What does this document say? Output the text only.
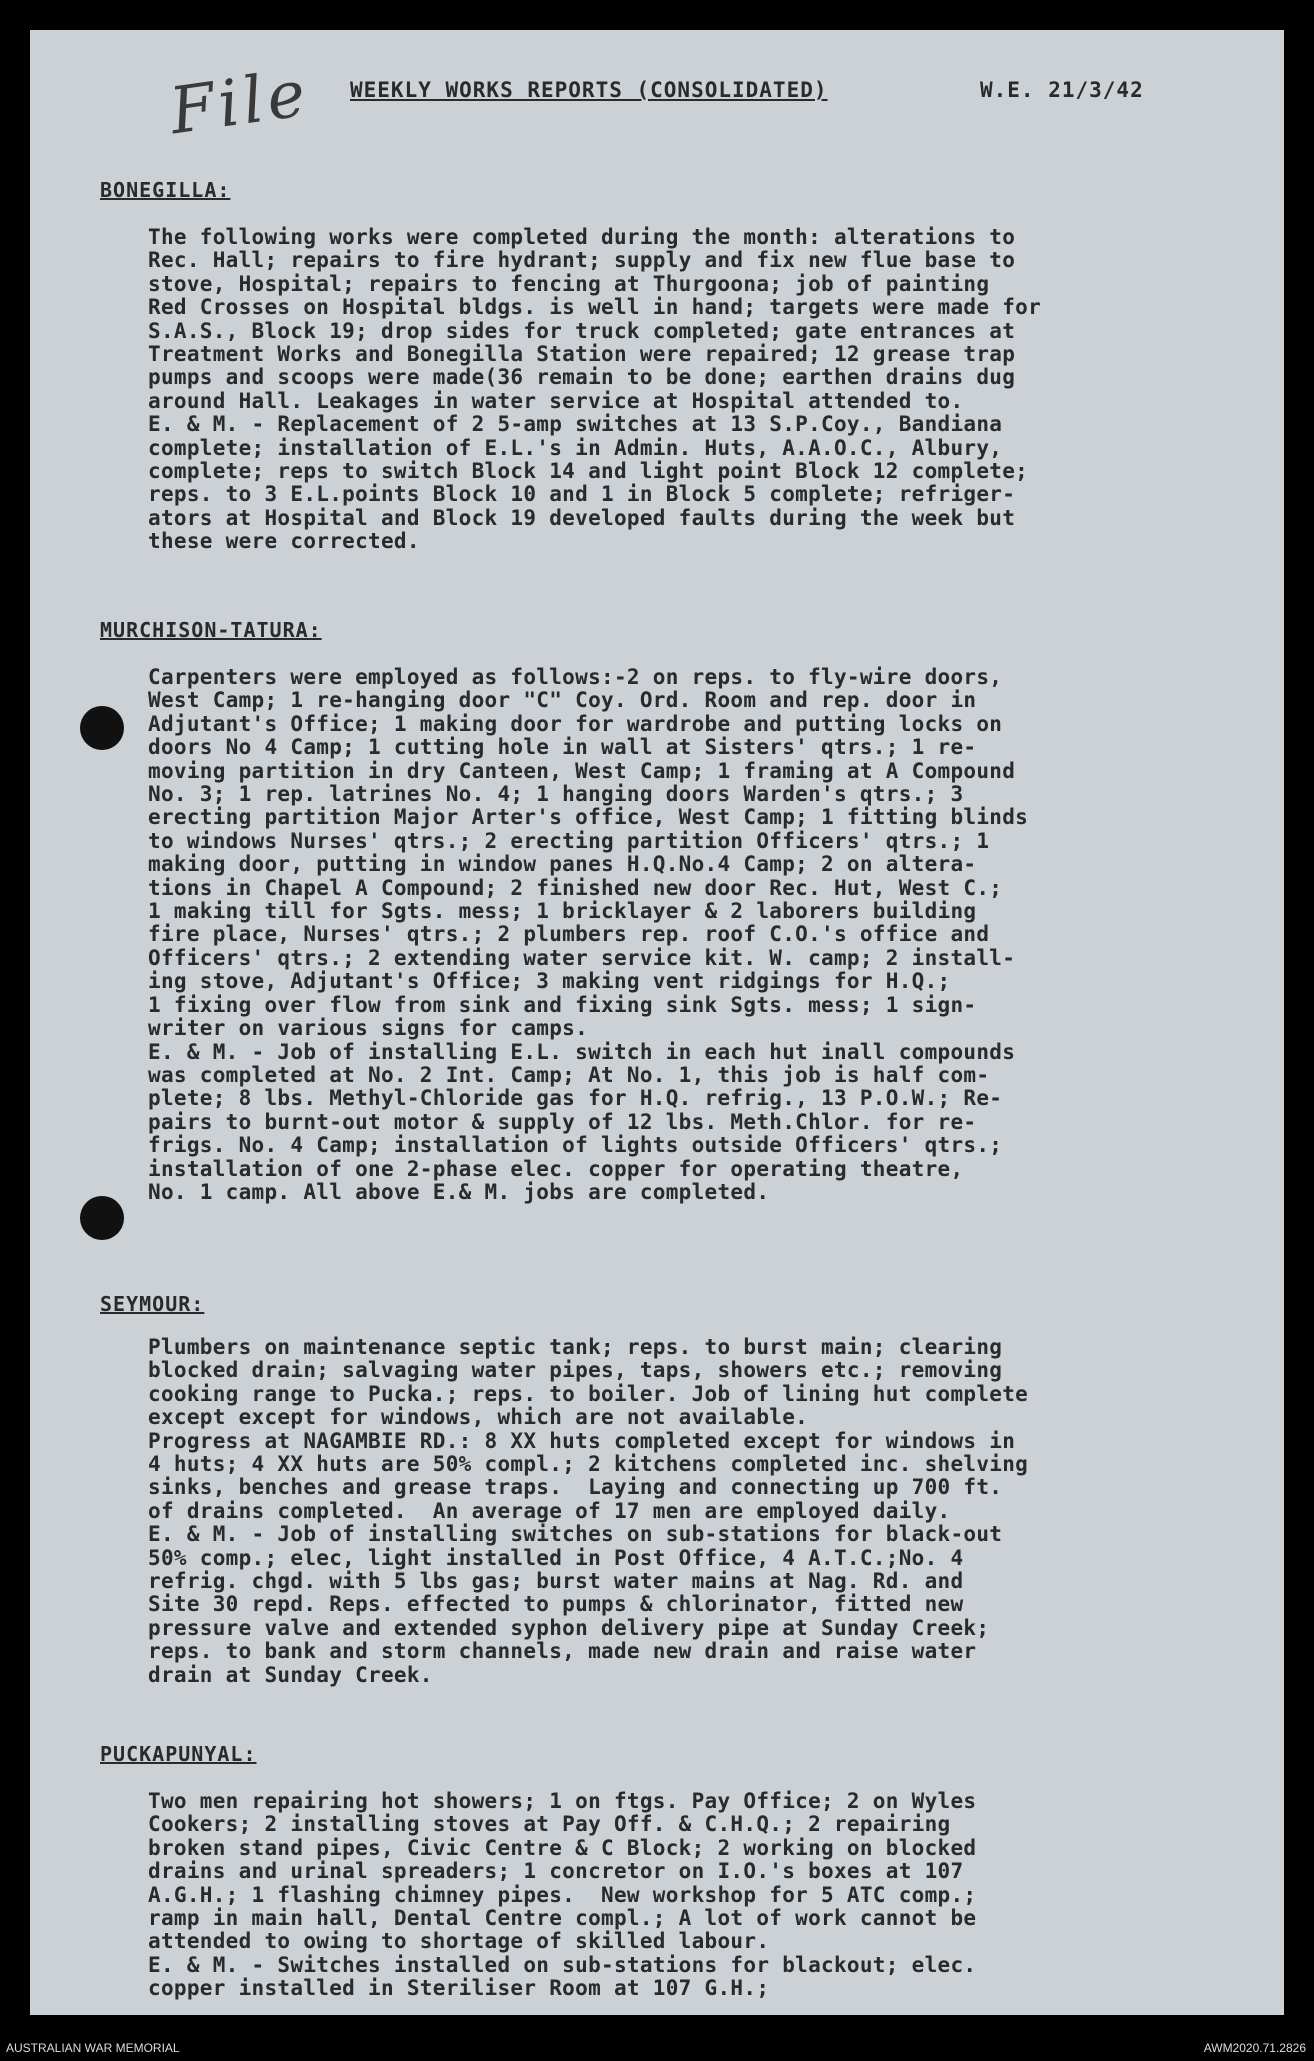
File WEEKLY WORKS REPORTS (CONSOLIDATED)	W.E. 21/3/42
BONEGILLA:
The following works were completed during the month: alterations to
Rec. Hall; repairs to fire hydrant; supply and fix new flue base to
stove, Hospital; repairs to fencing at Thurgoona; job of painting
Red Crosses on Hospital bldgs. is well in hand; targets were made for
S.A.S., Block 19; drop sides for truck completed; gate entrances at
Treatment Works and Bonegilla Station were repaired; 12 grease trap
pumps and scoops were made(36 remain to be done; earthen drains dug
around Hall. Leakages in water service at Hospital attended to.
E. & M. - Replacement of 2 5-amp switches at 13 S.P.Coy., Bandiana
complete; installation of E.L.'s in Admin. Huts, A.A.O.C., Albury,
complete; reps to switch Block 14 and light point Block 12 complete;
reps. to 3 E.L.points Block 10 and 1 in Block 5 complete; refriger-
ators at Hospital and Block 19 developed faults during the week but
these were corrected.
MURCHISON-TATURA:
Carpenters were employed as follows:-2 on reps. to fly-wire doors,
West Camp; 1 re-hanging door "C" Coy. Ord. Room and rep. door in
Adjutant's Office; 1 making door for wardrobe and putting locks on
doors No 4 Camp; 1 cutting hole in wall at Sisters' qtrs.; 1 re-
moving partition in dry Canteen, West Camp; 1 framing at A Compound
No. 3; 1 rep. latrines No. 4; 1 hanging doors Warden's qtrs.; 3
erecting partition Major Arter's office, West Camp; 1 fitting blinds
to windows Nurses' qtrs.; 2 erecting partition Officers' qtrs.; 1
making door, putting in window panes H.Q.No.4 Camp; 2 on altera-
tions in Chapel A Compound; 2 finished new door Rec. Hut, West C.;
1 making till for Sgts. mess; 1 bricklayer & 2 laborers building
fire place, Nurses' qtrs.; 2 plumbers rep. roof C.O.'s office and
Officers' qtrs.; 2 extending water service kit. W. camp; 2 install-
ing stove, Adjutant's Office; 3 making vent ridgings for H.Q.;
1 fixing over flow from sink and fixing sink Sgts. mess; 1 sign-
writer on various signs for camps.
E. & M. - Job of installing E.L. switch in each hut inall compounds
was completed at No. 2 Int. Camp; At No. 1, this job is half com-
plete; 8 lbs. Methyl-Chloride gas for H.Q. refrig., 13 P.O.W.; Re-
pairs to burnt-out motor & supply of 12 lbs. Meth.Chlor. for re-
frigs. No. 4 Camp; installation of lights outside Officers' qtrs.;
installation of one 2-phase elec. copper for operating theatre,
No. 1 camp. All above E.& M. jobs are completed.
SEYMOUR:
Plumbers on maintenance septic tank; reps. to burst main; clearing
blocked drain; salvaging water pipes, taps, showers etc.; removing
cooking range to Pucka.; reps. to boiler. Job of lining hut complete
except except for windows, which are not available.
Progress at NAGAMBIE RD.: 8 XX huts completed except for windows in
4 huts; 4 XX huts are 50% compl.; 2 kitchens completed inc. shelving
sinks, benches and grease traps.  Laying and connecting up 700 ft.
of drains completed.  An average of 17 men are employed daily.
E. & M. - Job of installing switches on sub-stations for black-out
50% comp.; elec, light installed in Post Office, 4 A.T.C.;No. 4
refrig. chgd. with 5 lbs gas; burst water mains at Nag. Rd. and
Site 30 repd. Reps. effected to pumps & chlorinator, fitted new
pressure valve and extended syphon delivery pipe at Sunday Creek;
reps. to bank and storm channels, made new drain and raise water
drain at Sunday Creek.
PUCKAPUNYAL:
Two men repairing hot showers; 1 on ftgs. Pay Office; 2 on Wyles
Cookers; 2 installing stoves at Pay Off. & C.H.Q.; 2 repairing
broken stand pipes, Civic Centre & C Block; 2 working on blocked
drains and urinal spreaders; 1 concretor on I.O.'s boxes at 107
A.G.H.; 1 flashing chimney pipes.  New workshop for 5 ATC comp.;
ramp in main hall, Dental Centre compl.; A lot of work cannot be
attended to owing to shortage of skilled labour.
E. & M. - Switches installed on sub-stations for blackout; elec.
copper installed in Steriliser Room at 107 G.H.;
AUSTRALIAN WAR MEMORIAL	AWM2020.71.2826
